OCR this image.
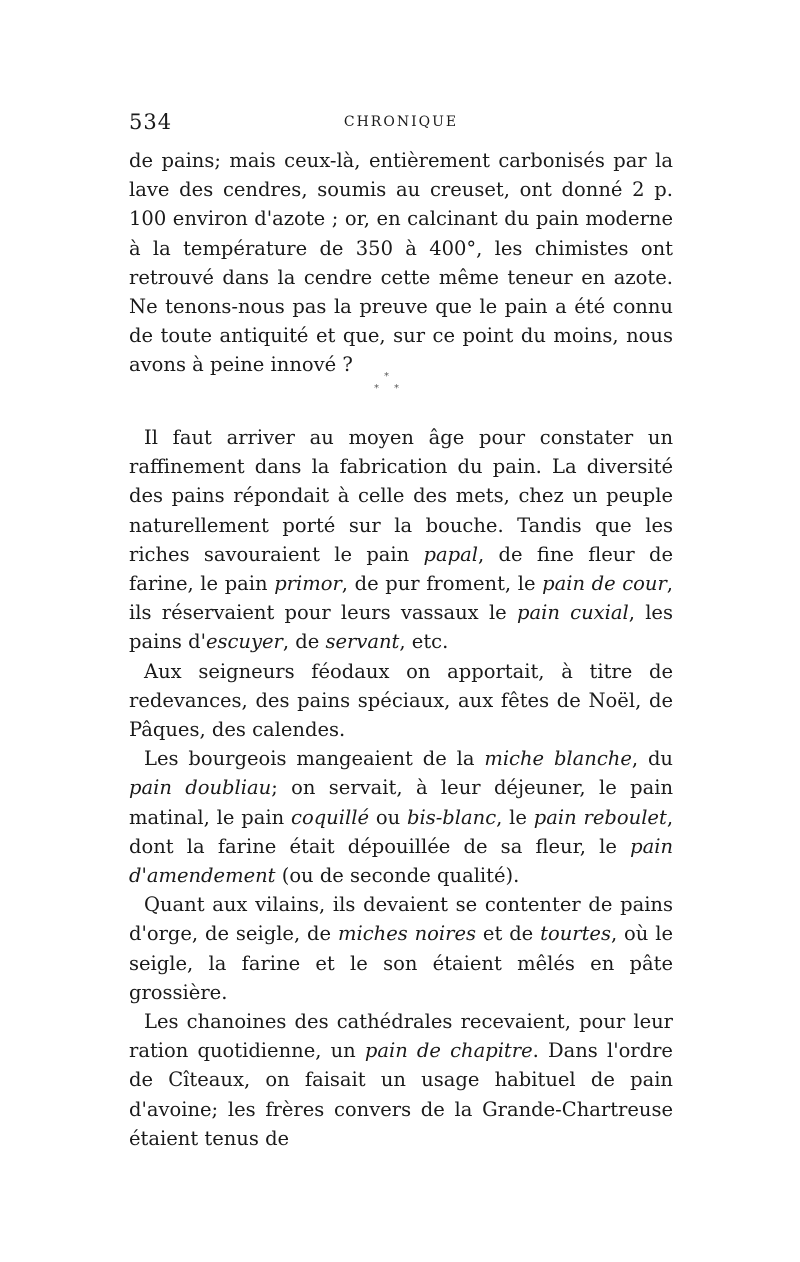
534	CHRONIQUE

de pains; mais ceux-là, entièrement carbonisés par la lave des cendres, soumis au creuset, ont donné 2 p. 100 environ d'azote ; or, en calcinant du pain moderne à la température de 350 à 400°, les chimistes ont retrouvé dans la cendre cette même teneur en azote. Ne tenons-nous pas la preuve que le pain a été connu de toute antiquité et que, sur ce point du moins, nous avons à peine innové ?

*
* *

Il faut arriver au moyen âge pour constater un raffinement dans la fabrication du pain. La diversité des pains répondait à celle des mets, chez un peuple naturellement porté sur la bouche. Tandis que les riches savouraient le pain papal, de fine fleur de farine, le pain primor, de pur froment, le pain de cour, ils réservaient pour leurs vassaux le pain cuxial, les pains d'escuyer, de servant, etc.

Aux seigneurs féodaux on apportait, à titre de redevances, des pains spéciaux, aux fêtes de Noël, de Pâques, des calendes.

Les bourgeois mangeaient de la miche blanche, du pain doubliau; on servait, à leur déjeuner, le pain matinal, le pain coquillé ou bis-blanc, le pain reboulet, dont la farine était dépouillée de sa fleur, le pain d'amendement (ou de seconde qualité).

Quant aux vilains, ils devaient se contenter de pains d'orge, de seigle, de miches noires et de tourtes, où le seigle, la farine et le son étaient mêlés en pâte grossière.

Les chanoines des cathédrales recevaient, pour leur ration quotidienne, un pain de chapitre. Dans l'ordre de Cîteaux, on faisait un usage habituel de pain d'avoine; les frères convers de la Grande-Chartreuse étaient tenus de
